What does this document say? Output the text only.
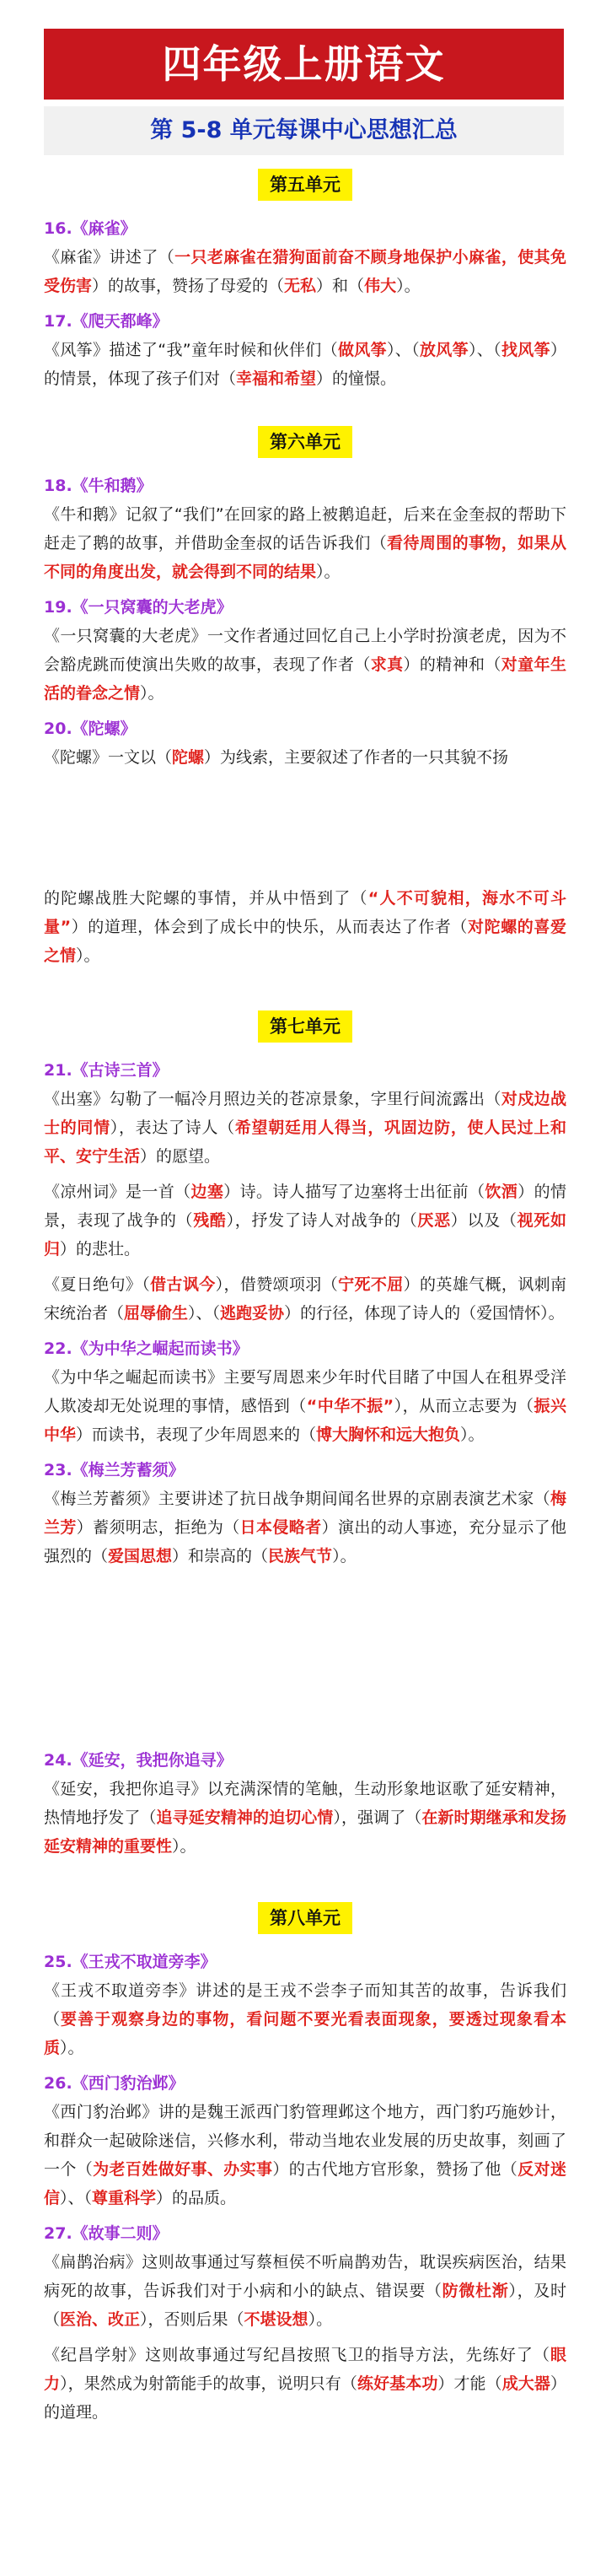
四年级上册语文
第 5-8 单元每课中心思想汇总
第五单元

16.《麻雀》

《麻雀》讲述了（一只老麻雀在猎狗面前奋不顾身地保护小麻雀，使其免受伤害）的故事，赞扬了母爱的（无私）和（伟大）。

17.《爬天都峰》

《风筝》描述了“我”童年时候和伙伴们（做风筝）、（放风筝）、（找风筝）的情景，体现了孩子们对（幸福和希望）的憧憬。

第六单元

18.《牛和鹅》

《牛和鹅》记叙了“我们”在回家的路上被鹅追赶，后来在金奎叔的帮助下赶走了鹅的故事，并借助金奎叔的话告诉我们（看待周围的事物，如果从不同的角度出发，就会得到不同的结果）。

19.《一只窝囊的大老虎》

《一只窝囊的大老虎》一文作者通过回忆自己上小学时扮演老虎，因为不会豁虎跳而使演出失败的故事，表现了作者（求真）的精神和（对童年生活的眷念之情）。

20.《陀螺》

《陀螺》一文以（陀螺）为线索，主要叙述了作者的一只其貌不扬

的陀螺战胜大陀螺的事情，并从中悟到了（“人不可貌相，海水不可斗量”）的道理，体会到了成长中的快乐，从而表达了作者（对陀螺的喜爱之情）。

第七单元

21.《古诗三首》

《出塞》勾勒了一幅冷月照边关的苍凉景象，字里行间流露出（对戍边战士的同情），表达了诗人（希望朝廷用人得当，巩固边防，使人民过上和平、安宁生活）的愿望。

《凉州词》是一首（边塞）诗。诗人描写了边塞将士出征前（饮酒）的情景，表现了战争的（残酷），抒发了诗人对战争的（厌恶）以及（视死如归）的悲壮。

《夏日绝句》（借古讽今），借赞颂项羽（宁死不屈）的英雄气概，讽刺南宋统治者（屈辱偷生）、（逃跑妥协）的行径，体现了诗人的（爱国情怀）。

22.《为中华之崛起而读书》

《为中华之崛起而读书》主要写周恩来少年时代目睹了中国人在租界受洋人欺凌却无处说理的事情，感悟到（“中华不振”），从而立志要为（振兴中华）而读书，表现了少年周恩来的（博大胸怀和远大抱负）。

23.《梅兰芳蓄须》

《梅兰芳蓄须》主要讲述了抗日战争期间闻名世界的京剧表演艺术家（梅兰芳）蓄须明志，拒绝为（日本侵略者）演出的动人事迹，充分显示了他强烈的（爱国思想）和崇高的（民族气节）。

24.《延安，我把你追寻》

《延安，我把你追寻》以充满深情的笔触，生动形象地讴歌了延安精神，热情地抒发了（追寻延安精神的迫切心情），强调了（在新时期继承和发扬延安精神的重要性）。

第八单元

25.《王戎不取道旁李》

《王戎不取道旁李》讲述的是王戎不尝李子而知其苦的故事，告诉我们（要善于观察身边的事物，看问题不要光看表面现象，要透过现象看本质）。

26.《西门豹治邺》

《西门豹治邺》讲的是魏王派西门豹管理邺这个地方，西门豹巧施妙计，和群众一起破除迷信，兴修水利，带动当地农业发展的历史故事，刻画了一个（为老百姓做好事、办实事）的古代地方官形象，赞扬了他（反对迷信）、（尊重科学）的品质。

27.《故事二则》

《扁鹊治病》这则故事通过写蔡桓侯不听扁鹊劝告，耽误疾病医治，结果病死的故事，告诉我们对于小病和小的缺点、错误要（防微杜渐），及时（医治、改正），否则后果（不堪设想）。

《纪昌学射》这则故事通过写纪昌按照飞卫的指导方法，先练好了（眼力），果然成为射箭能手的故事，说明只有（练好基本功）才能（成大器）的道理。
